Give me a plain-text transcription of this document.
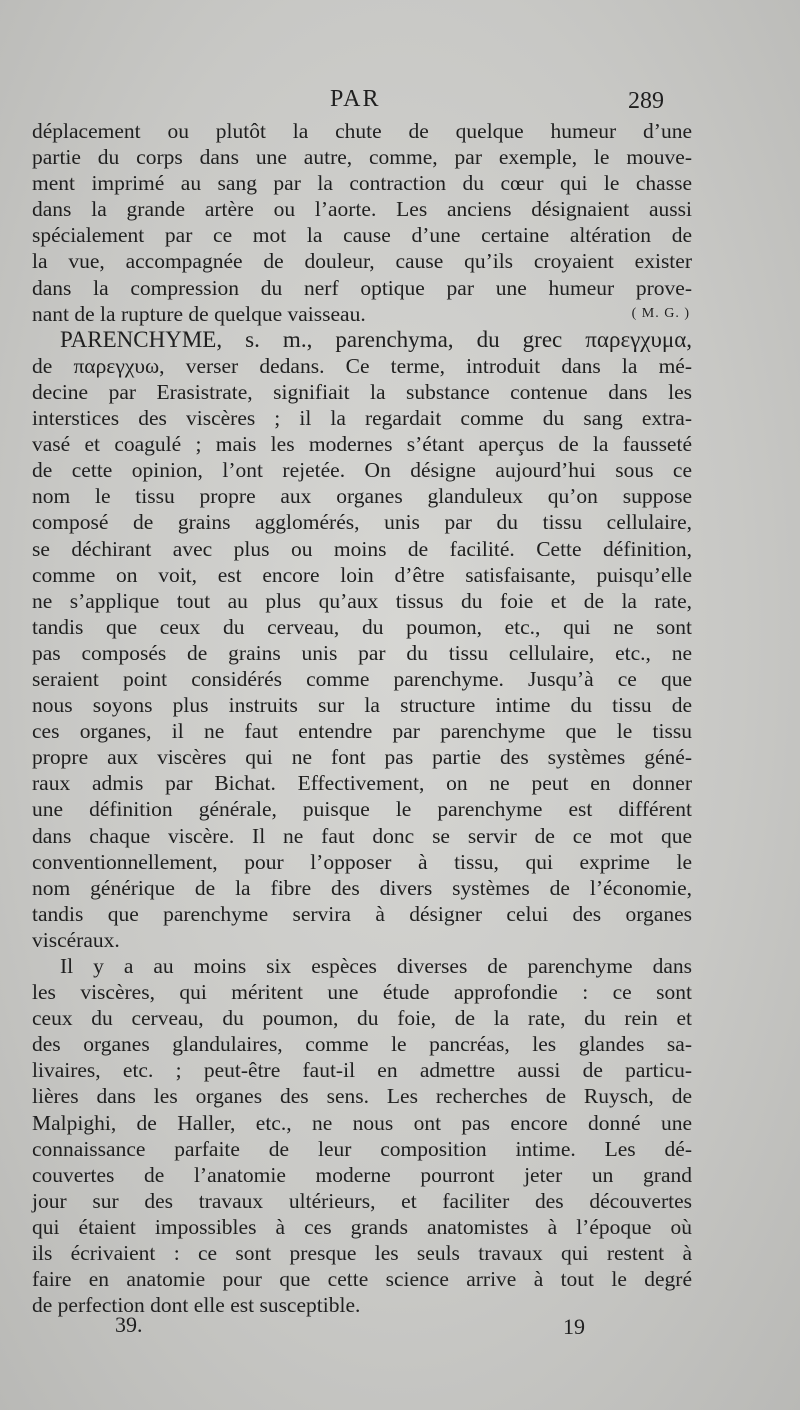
PAR	289
déplacement ou plutôt la chute de quelque humeur d’une
partie du corps dans une autre, comme, par exemple, le mouve-
ment imprimé au sang par la contraction du cœur qui le chasse
dans la grande artère ou l’aorte. Les anciens désignaient aussi
spécialement par ce mot la cause d’une certaine altération de
la vue, accompagnée de douleur, cause qu’ils croyaient exister
dans la compression du nerf optique par une humeur prove-
( M. G. )
nant de la rupture de quelque vaisseau.
PARENCHYME, s. m., parenchyma, du grec παρεγχυμα,
de παρεγχυω, verser dedans. Ce terme, introduit dans la mé-
decine par Erasistrate, signifiait la substance contenue dans les
interstices des viscères ; il la regardait comme du sang extra-
vasé et coagulé ; mais les modernes s’étant aperçus de la fausseté
de cette opinion, l’ont rejetée. On désigne aujourd’hui sous ce
nom le tissu propre aux organes glanduleux qu’on suppose
composé de grains agglomérés, unis par du tissu cellulaire,
se déchirant avec plus ou moins de facilité. Cette définition,
comme on voit, est encore loin d’être satisfaisante, puisqu’elle
ne s’applique tout au plus qu’aux tissus du foie et de la rate,
tandis que ceux du cerveau, du poumon, etc., qui ne sont
pas composés de grains unis par du tissu cellulaire, etc., ne
seraient point considérés comme parenchyme. Jusqu’à ce que
nous soyons plus instruits sur la structure intime du tissu de
ces organes, il ne faut entendre par parenchyme que le tissu
propre aux viscères qui ne font pas partie des systèmes géné-
raux admis par Bichat. Effectivement, on ne peut en donner
une définition générale, puisque le parenchyme est différent
dans chaque viscère. Il ne faut donc se servir de ce mot que
conventionnellement, pour l’opposer à tissu, qui exprime le
nom générique de la fibre des divers systèmes de l’économie,
tandis que parenchyme servira à désigner celui des organes
viscéraux.
Il y a au moins six espèces diverses de parenchyme dans
les viscères, qui méritent une étude approfondie : ce sont
ceux du cerveau, du poumon, du foie, de la rate, du rein et
des organes glandulaires, comme le pancréas, les glandes sa-
livaires, etc. ; peut-être faut-il en admettre aussi de particu-
lières dans les organes des sens. Les recherches de Ruysch, de
Malpighi, de Haller, etc., ne nous ont pas encore donné une
connaissance parfaite de leur composition intime. Les dé-
couvertes de l’anatomie moderne pourront jeter un grand
jour sur des travaux ultérieurs, et faciliter des découvertes
qui étaient impossibles à ces grands anatomistes à l’époque où
ils écrivaient : ce sont presque les seuls travaux qui restent à
faire en anatomie pour que cette science arrive à tout le degré
de perfection dont elle est susceptible.
39.	19
